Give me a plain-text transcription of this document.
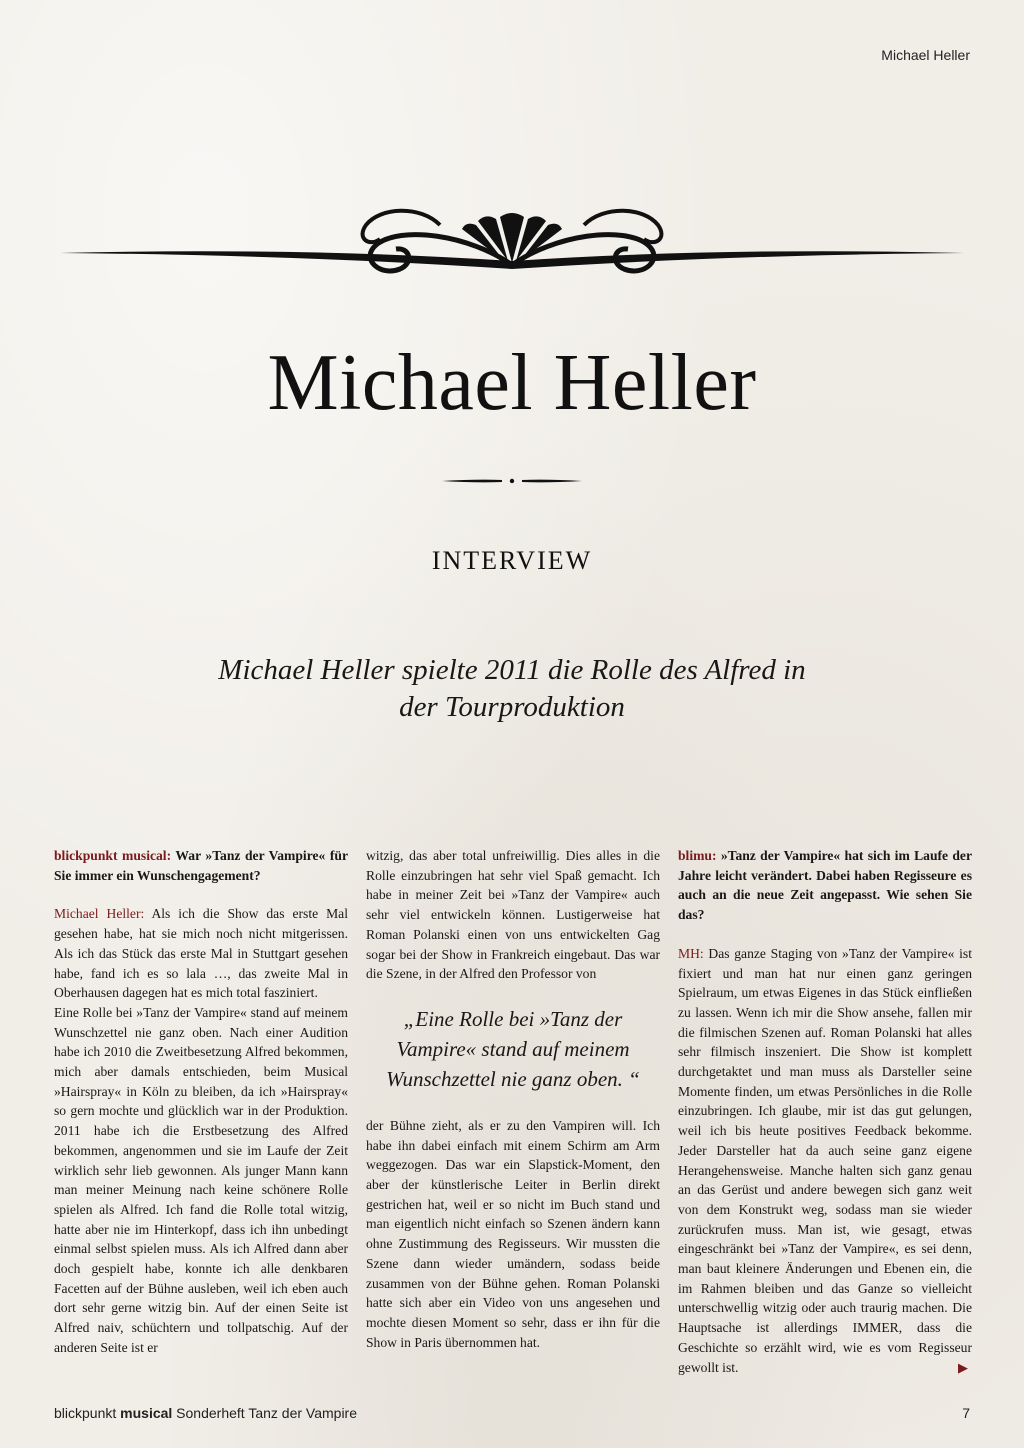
Michael Heller
Michael Heller
INTERVIEW

Michael Heller spielte 2011 die Rolle des Alfred in der Tourproduktion

blickpunkt musical: War »Tanz der Vampire« für Sie immer ein Wunschengagement?

Michael Heller: Als ich die Show das erste Mal gesehen habe, hat sie mich noch nicht mitgerissen. Als ich das Stück das erste Mal in Stuttgart gesehen habe, fand ich es so lala …, das zweite Mal in Oberhausen dagegen hat es mich total fasziniert.

Eine Rolle bei »Tanz der Vampire« stand auf meinem Wunschzettel nie ganz oben. Nach einer Audition habe ich 2010 die Zweitbesetzung Alfred bekommen, mich aber damals entschieden, beim Musical »Hairspray« in Köln zu bleiben, da ich »Hairspray« so gern mochte und glücklich war in der Produktion. 2011 habe ich die Erstbesetzung des Alfred bekommen, angenommen und sie im Laufe der Zeit wirklich sehr lieb gewonnen. Als junger Mann kann man meiner Meinung nach keine schönere Rolle spielen als Alfred. Ich fand die Rolle total witzig, hatte aber nie im Hinterkopf, dass ich ihn unbedingt einmal selbst spielen muss. Als ich Alfred dann aber doch gespielt habe, konnte ich alle denkbaren Facetten auf der Bühne ausleben, weil ich eben auch dort sehr gerne witzig bin. Auf der einen Seite ist Alfred naiv, schüchtern und tollpatschig. Auf der anderen Seite ist er

witzig, das aber total unfreiwillig. Dies alles in die Rolle einzubringen hat sehr viel Spaß gemacht. Ich habe in meiner Zeit bei »Tanz der Vampire« auch sehr viel entwickeln können. Lustigerweise hat Roman Polanski einen von uns entwickelten Gag sogar bei der Show in Frankreich eingebaut. Das war die Szene, in der Alfred den Professor von

„Eine Rolle bei »Tanz der Vampire« stand auf meinem Wunschzettel nie ganz oben. “

der Bühne zieht, als er zu den Vampiren will. Ich habe ihn dabei einfach mit einem Schirm am Arm weggezogen. Das war ein Slapstick-Moment, den aber der künstlerische Leiter in Berlin direkt gestrichen hat, weil er so nicht im Buch stand und man eigentlich nicht einfach so Szenen ändern kann ohne Zustimmung des Regisseurs. Wir mussten die Szene dann wieder umändern, sodass beide zusammen von der Bühne gehen. Roman Polanski hatte sich aber ein Video von uns angesehen und mochte diesen Moment so sehr, dass er ihn für die Show in Paris übernommen hat.

blimu: »Tanz der Vampire« hat sich im Laufe der Jahre leicht verändert. Dabei haben Regisseure es auch an die neue Zeit angepasst. Wie sehen Sie das?

MH: Das ganze Staging von »Tanz der Vampire« ist fixiert und man hat nur einen ganz geringen Spielraum, um etwas Eigenes in das Stück einfließen zu lassen. Wenn ich mir die Show ansehe, fallen mir die filmischen Szenen auf. Roman Polanski hat alles sehr filmisch inszeniert. Die Show ist komplett durchgetaktet und man muss als Darsteller seine Momente finden, um etwas Persönliches in die Rolle einzubringen. Ich glaube, mir ist das gut gelungen, weil ich bis heute positives Feedback bekomme. Jeder Darsteller hat da auch seine ganz eigene Herangehensweise. Manche halten sich ganz genau an das Gerüst und andere bewegen sich ganz weit von dem Konstrukt weg, sodass man sie wieder zurückrufen muss. Man ist, wie gesagt, etwas eingeschränkt bei »Tanz der Vampire«, es sei denn, man baut kleinere Änderungen und Ebenen ein, die im Rahmen bleiben und das Ganze so vielleicht unterschwellig witzig oder auch traurig machen. Die Hauptsache ist allerdings IMMER, dass die Geschichte so erzählt wird, wie es vom Regisseur gewollt ist.	▶

blickpunkt musical Sonderheft Tanz der Vampire	7
